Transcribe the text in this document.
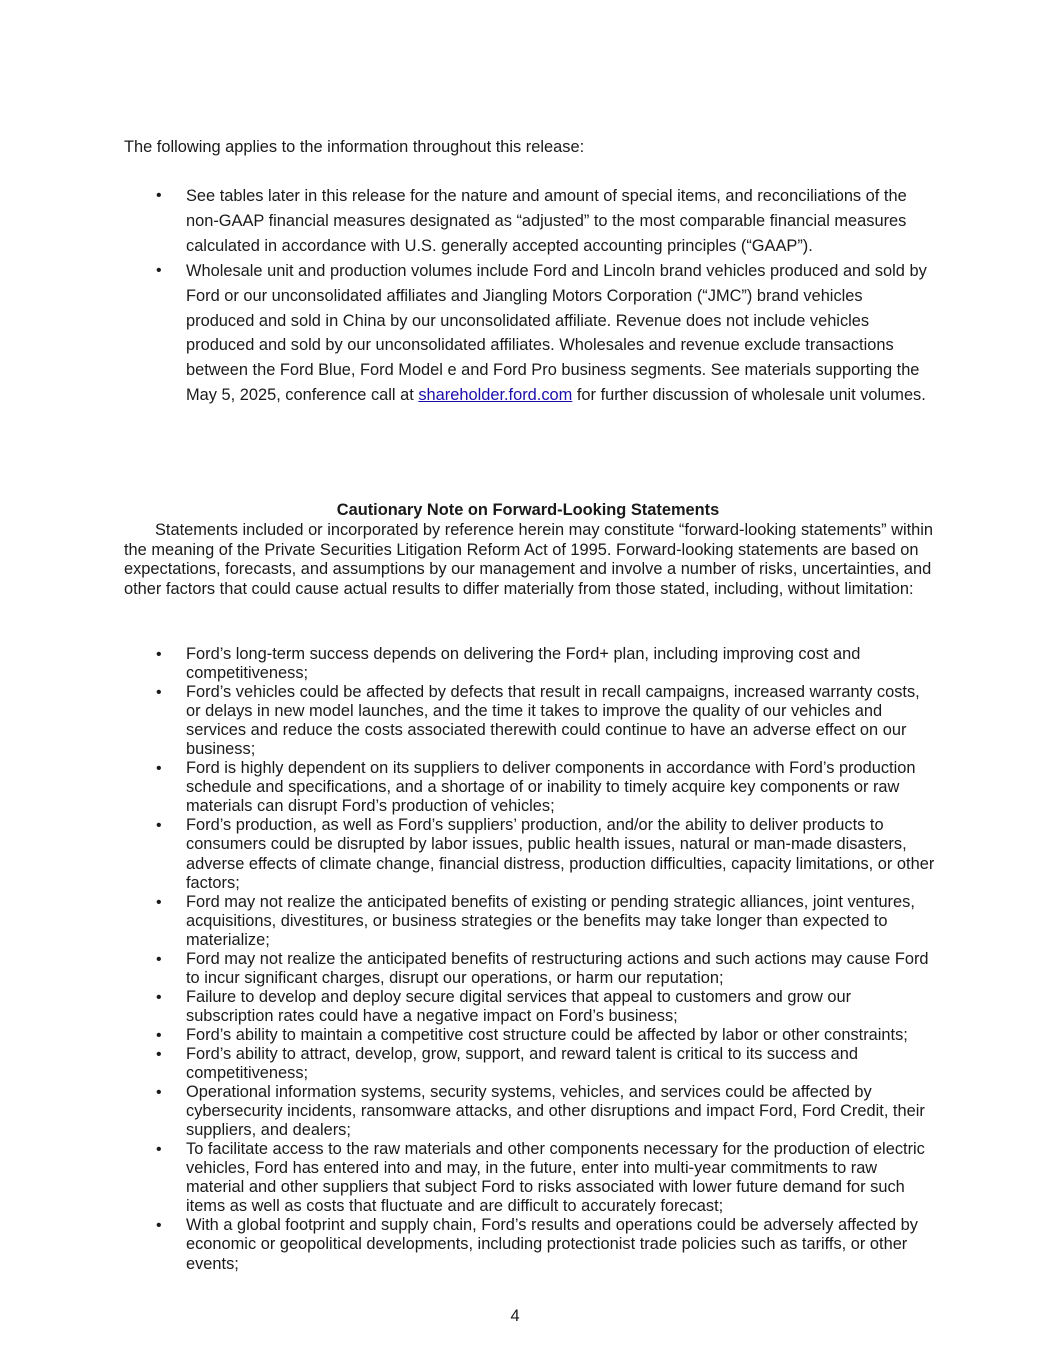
The following applies to the information throughout this release:

• See tables later in this release for the nature and amount of special items, and reconciliations of the non-GAAP financial measures designated as “adjusted” to the most comparable financial measures calculated in accordance with U.S. generally accepted accounting principles (“GAAP”).
• Wholesale unit and production volumes include Ford and Lincoln brand vehicles produced and sold by Ford or our unconsolidated affiliates and Jiangling Motors Corporation (“JMC”) brand vehicles produced and sold in China by our unconsolidated affiliate. Revenue does not include vehicles produced and sold by our unconsolidated affiliates. Wholesales and revenue exclude transactions between the Ford Blue, Ford Model e and Ford Pro business segments. See materials supporting the May 5, 2025, conference call at shareholder.ford.com for further discussion of wholesale unit volumes.

Cautionary Note on Forward-Looking Statements

Statements included or incorporated by reference herein may constitute “forward-looking statements” within the meaning of the Private Securities Litigation Reform Act of 1995. Forward-looking statements are based on expectations, forecasts, and assumptions by our management and involve a number of risks, uncertainties, and other factors that could cause actual results to differ materially from those stated, including, without limitation:

• Ford’s long-term success depends on delivering the Ford+ plan, including improving cost and competitiveness;
• Ford’s vehicles could be affected by defects that result in recall campaigns, increased warranty costs, or delays in new model launches, and the time it takes to improve the quality of our vehicles and services and reduce the costs associated therewith could continue to have an adverse effect on our business;
• Ford is highly dependent on its suppliers to deliver components in accordance with Ford’s production schedule and specifications, and a shortage of or inability to timely acquire key components or raw materials can disrupt Ford’s production of vehicles;
• Ford’s production, as well as Ford’s suppliers’ production, and/or the ability to deliver products to consumers could be disrupted by labor issues, public health issues, natural or man-made disasters, adverse effects of climate change, financial distress, production difficulties, capacity limitations, or other factors;
• Ford may not realize the anticipated benefits of existing or pending strategic alliances, joint ventures, acquisitions, divestitures, or business strategies or the benefits may take longer than expected to materialize;
• Ford may not realize the anticipated benefits of restructuring actions and such actions may cause Ford to incur significant charges, disrupt our operations, or harm our reputation;
• Failure to develop and deploy secure digital services that appeal to customers and grow our subscription rates could have a negative impact on Ford’s business;
• Ford’s ability to maintain a competitive cost structure could be affected by labor or other constraints;
• Ford’s ability to attract, develop, grow, support, and reward talent is critical to its success and competitiveness;
• Operational information systems, security systems, vehicles, and services could be affected by cybersecurity incidents, ransomware attacks, and other disruptions and impact Ford, Ford Credit, their suppliers, and dealers;
• To facilitate access to the raw materials and other components necessary for the production of electric vehicles, Ford has entered into and may, in the future, enter into multi-year commitments to raw material and other suppliers that subject Ford to risks associated with lower future demand for such items as well as costs that fluctuate and are difficult to accurately forecast;
• With a global footprint and supply chain, Ford’s results and operations could be adversely affected by economic or geopolitical developments, including protectionist trade policies such as tariffs, or other events;

4
